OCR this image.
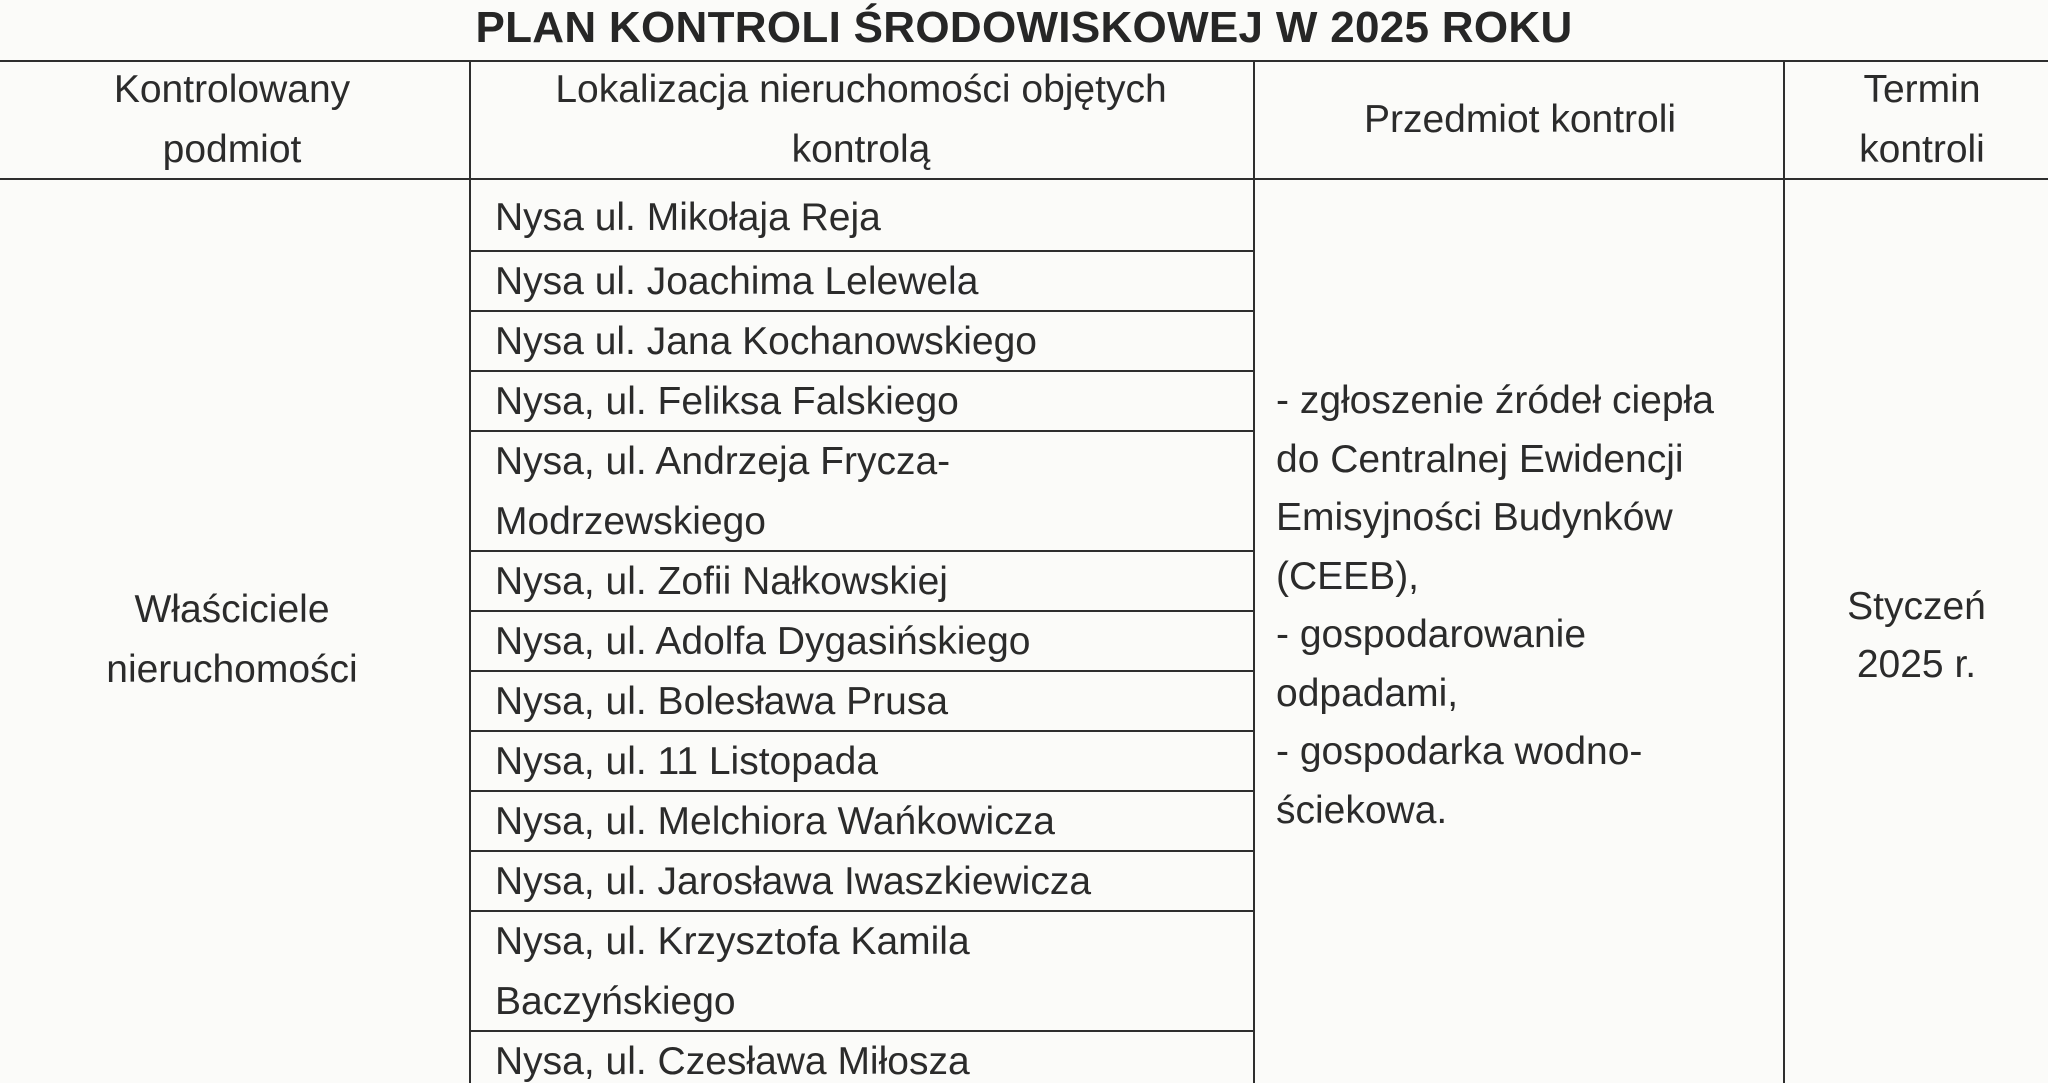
PLAN KONTROLI ŚRODOWISKOWEJ W 2025 ROKU
Kontrolowany podmiot
Lokalizacja nieruchomości objętych kontrolą
Przedmiot kontroli
Termin kontroli
Właściciele nieruchomości
Nysa ul. Mikołaja Reja
Nysa ul. Joachima Lelewela
Nysa ul. Jana Kochanowskiego
Nysa, ul. Feliksa Falskiego
Nysa, ul. Andrzeja Frycza-Modrzewskiego
Nysa, ul. Zofii Nałkowskiej
Nysa, ul. Adolfa Dygasińskiego
Nysa, ul. Bolesława Prusa
Nysa, ul. 11 Listopada
Nysa, ul. Melchiora Wańkowicza
Nysa, ul. Jarosława Iwaszkiewicza
Nysa, ul. Krzysztofa Kamila Baczyńskiego
Nysa, ul. Czesława Miłosza
- zgłoszenie źródeł ciepła
do Centralnej Ewidencji
Emisyjności Budynków
(CEEB),
- gospodarowanie
odpadami,
- gospodarka wodno-
ściekowa.
Styczeń
2025 r.
